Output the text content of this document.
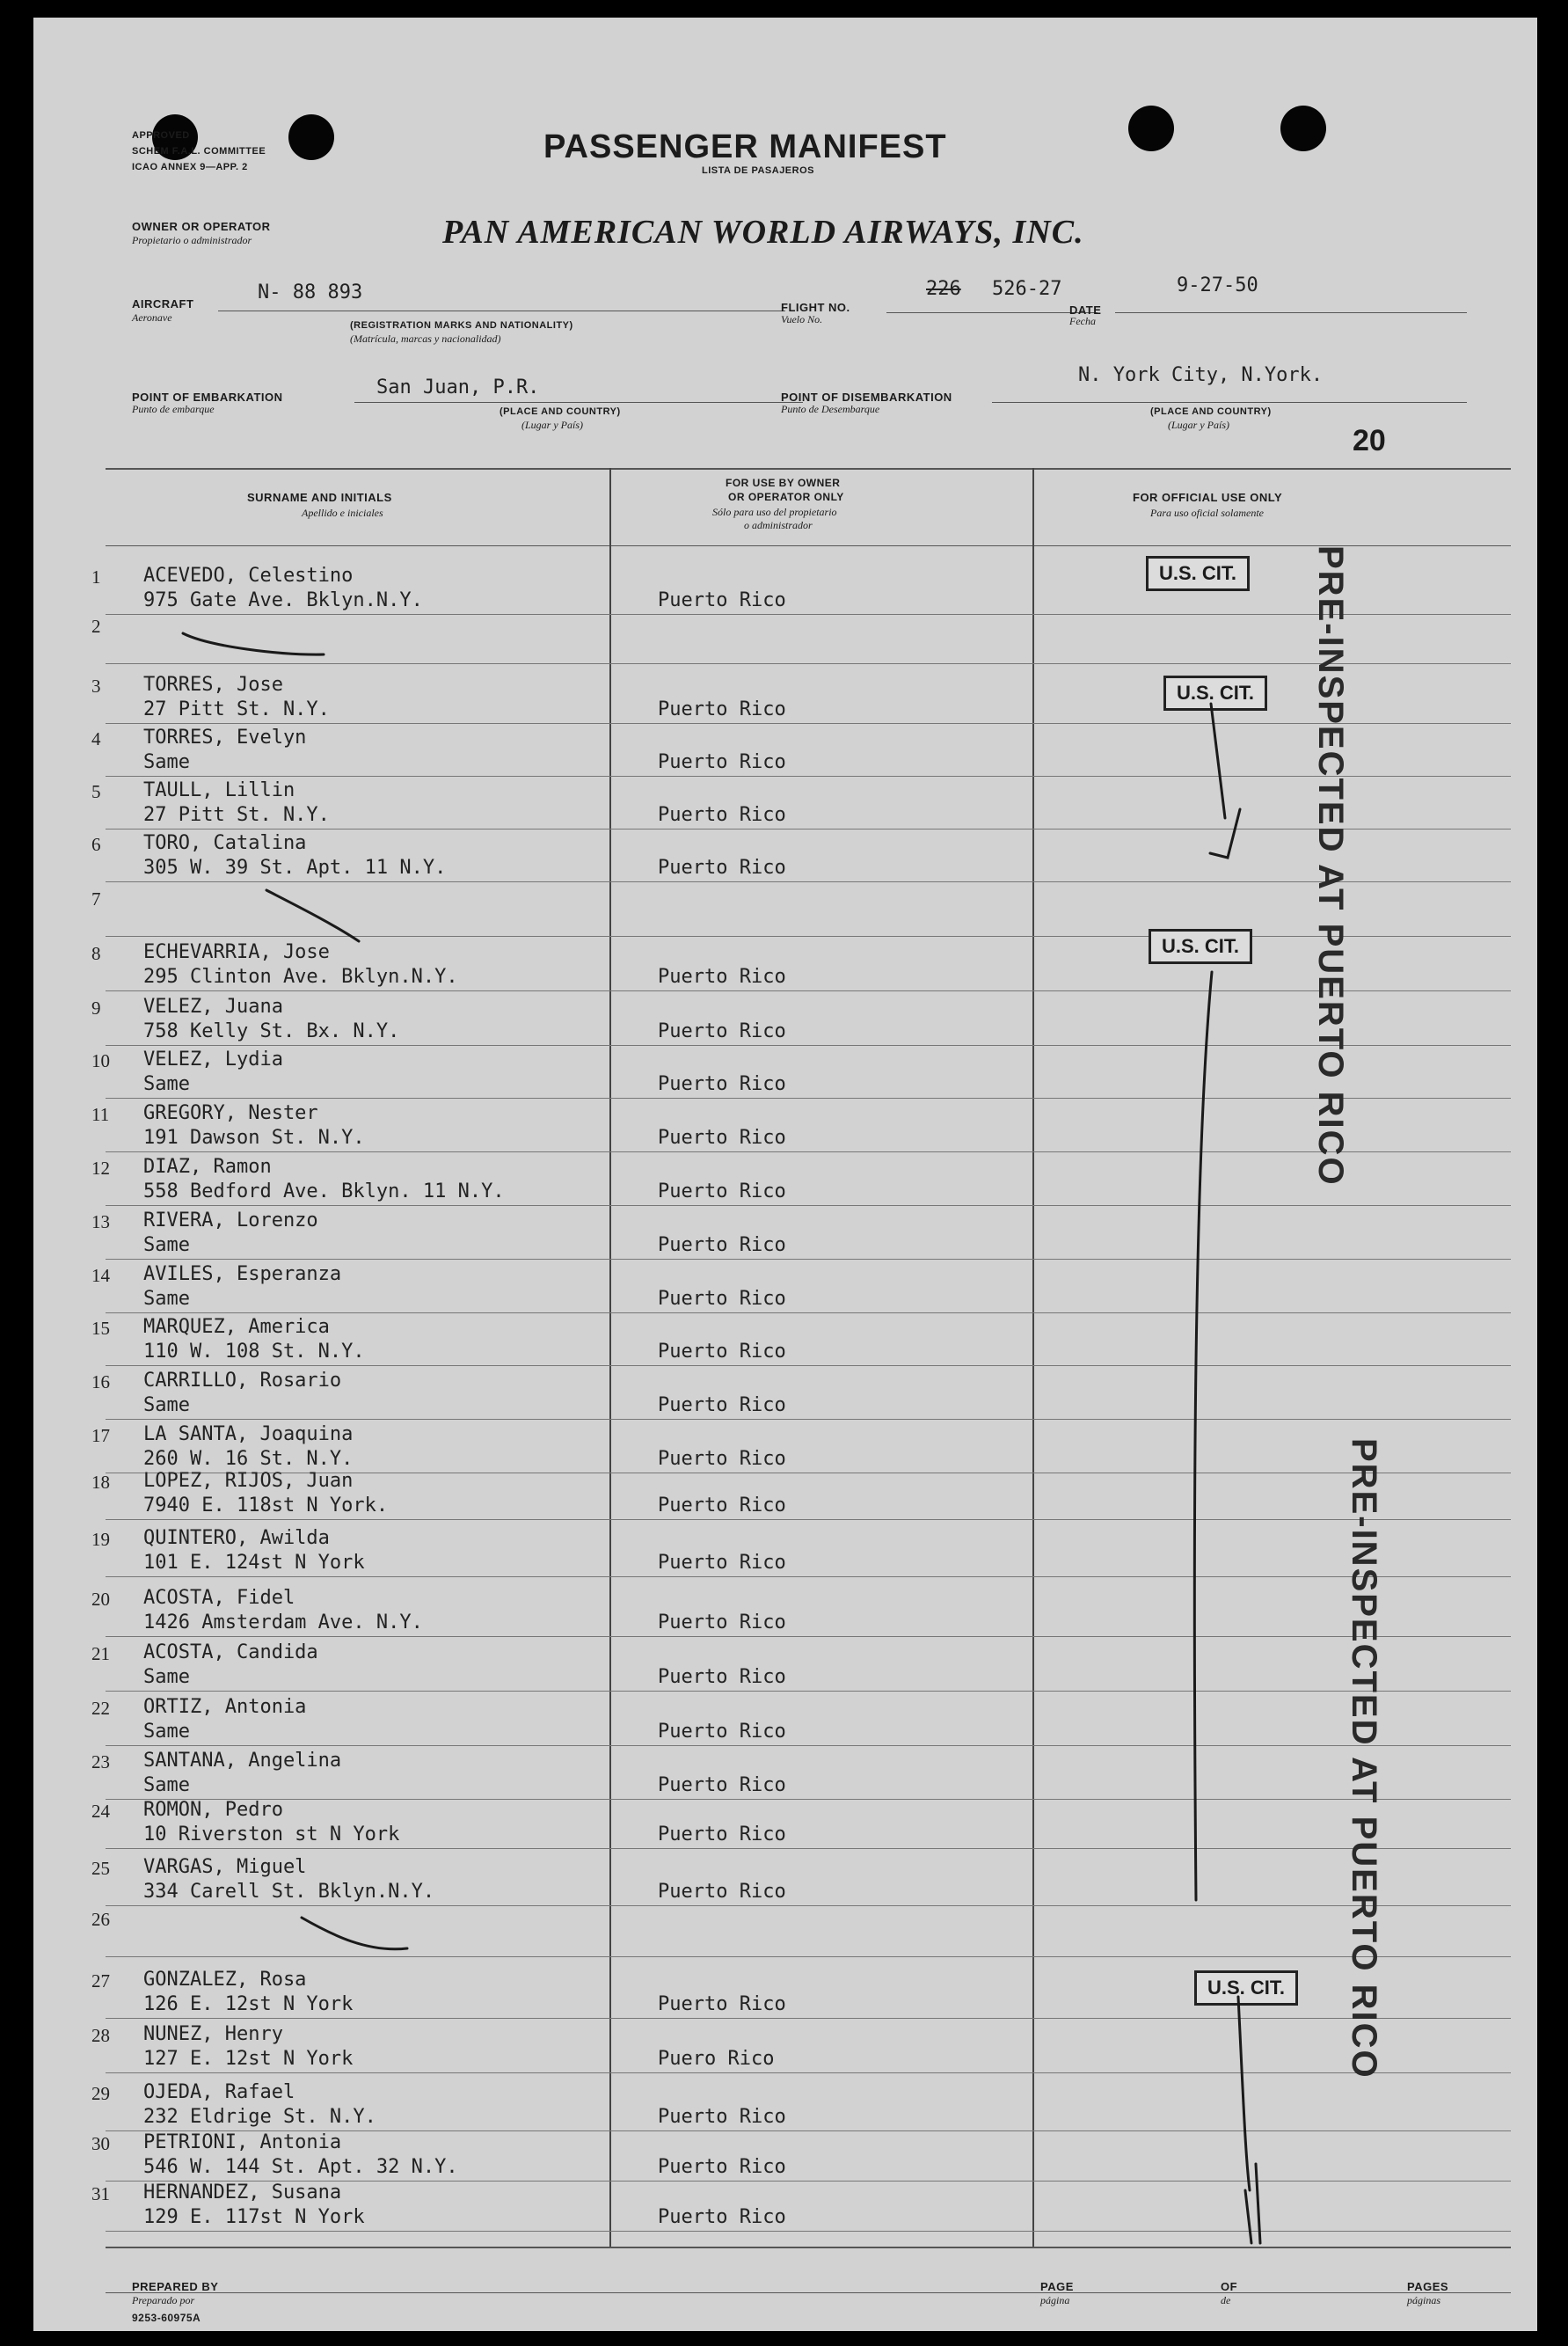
APPROVED
SCHEM F.A.L. COMMITTEE
ICAO ANNEX 9—APP. 2
PASSENGER MANIFEST
LISTA DE PASAJEROS
OWNER OR OPERATOR
Propietario o administrador	PAN AMERICAN WORLD AIRWAYS, INC.
AIRCRAFT
Aeronave
N- 88 893
(REGISTRATION MARKS AND NATIONALITY)
(Matrícula, marcas y nacionalidad)
FLIGHT NO.
Vuelo No.
226 526-27
DATE
Fecha
9-27-50
POINT OF EMBARKATION
Punto de embarque
San Juan, P.R.
(PLACE AND COUNTRY)
(Lugar y País)
POINT OF DISEMBARKATION
Punto de Desembarque
N. York City, N.York.
(PLACE AND COUNTRY)
(Lugar y País)	20
SURNAME AND INITIALS
Apellido e iniciales
FOR USE BY OWNER
OR OPERATOR ONLY
Sólo para uso del propietario
o administrador
FOR OFFICIAL USE ONLY
Para uso oficial solamente
1 ACEVEDO, Celestino
975 Gate Ave. Bklyn.N.Y.	Puerto Rico
2
3 TORRES, Jose
27 Pitt St. N.Y.	Puerto Rico
4 TORRES, Evelyn
Same	Puerto Rico
5 TAULL, Lillin
27 Pitt St. N.Y.	Puerto Rico
6 TORO, Catalina
305 W. 39 St. Apt. 11 N.Y.	Puerto Rico
7
8 ECHEVARRIA, Jose
295 Clinton Ave. Bklyn.N.Y.	Puerto Rico
9 VELEZ, Juana
758 Kelly St. Bx. N.Y.	Puerto Rico
10 VELEZ, Lydia
Same	Puerto Rico
11 GREGORY, Nester
191 Dawson St. N.Y.	Puerto Rico
12 DIAZ, Ramon
558 Bedford Ave. Bklyn. 11 N.Y.	Puerto Rico
13 RIVERA, Lorenzo
Same	Puerto Rico
14 AVILES, Esperanza
Same	Puerto Rico
15 MARQUEZ, America
110 W. 108 St. N.Y.	Puerto Rico
16 CARRILLO, Rosario
Same	Puerto Rico
17 LA SANTA, Joaquina
260 W. 16 St. N.Y.	Puerto Rico
18 LOPEZ, RIJOS, Juan
7940 E. 118st N York.	Puerto Rico
19 QUINTERO, Awilda
101 E. 124st N York	Puerto Rico
20 ACOSTA, Fidel
1426 Amsterdam Ave. N.Y.	Puerto Rico
21 ACOSTA, Candida
Same	Puerto Rico
22 ORTIZ, Antonia
Same	Puerto Rico
23 SANTANA, Angelina
Same	Puerto Rico
24 ROMON, Pedro
10 Riverston st N York	Puerto Rico
25 VARGAS, Miguel
334 Carell St. Bklyn.N.Y.	Puerto Rico
26
27 GONZALEZ, Rosa
126 E. 12st N York	Puerto Rico
28 NUNEZ, Henry
127 E. 12st N York	Puero Rico
29 OJEDA, Rafael
232 Eldrige St. N.Y.	Puerto Rico
30 PETRIONI, Antonia
546 W. 144 St. Apt. 32 N.Y.	Puerto Rico
31 HERNANDEZ, Susana
129 E. 117st N York	Puerto Rico
U.S. CIT.
U.S. CIT.
U.S. CIT.
U.S. CIT.
PRE-INSPECTED AT PUERTO RICO
PRE-INSPECTED AT PUERTO RICO
PREPARED BY
Preparado por
PAGE
página
OF
de
PAGES
páginas
9253-60975A
